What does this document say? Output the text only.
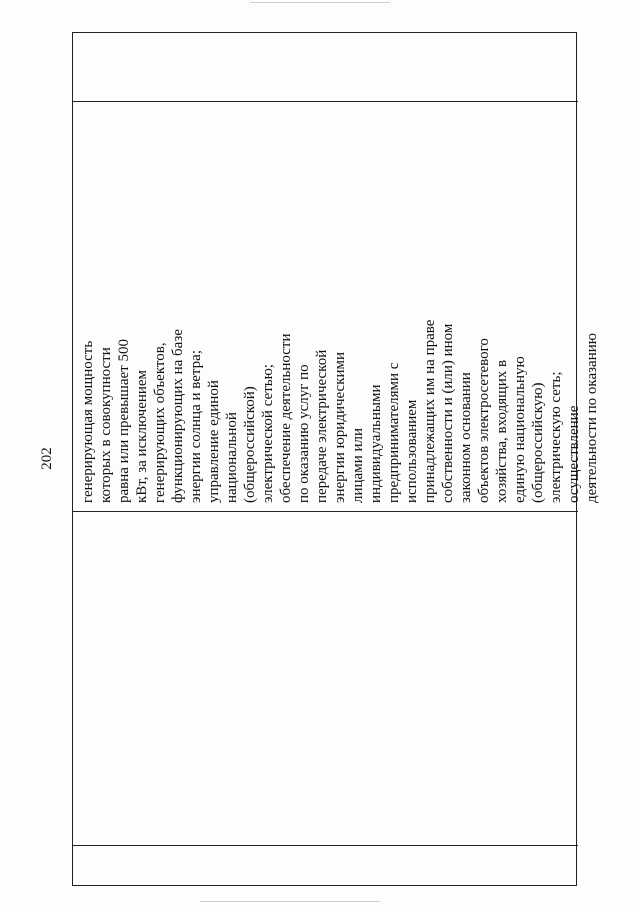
202 генерирующая мощность которых в совокупности равна или превышает 500 кВт, за исключением генерирующих объектов, функционирующих на базе энергии солнца и ветра; управление единой национальной (общероссийской) электрической сетью; обеспечение деятельности по оказанию услуг по передаче электрической энергии юридическими лицами или индивидуальными предпринимателями с использованием принадлежащих им на праве собственности и (или) ином законном основании объектов электросетевого хозяйства, входящих в единую национальную (общероссийскую) электрическую сеть; осуществление деятельности по оказанию
